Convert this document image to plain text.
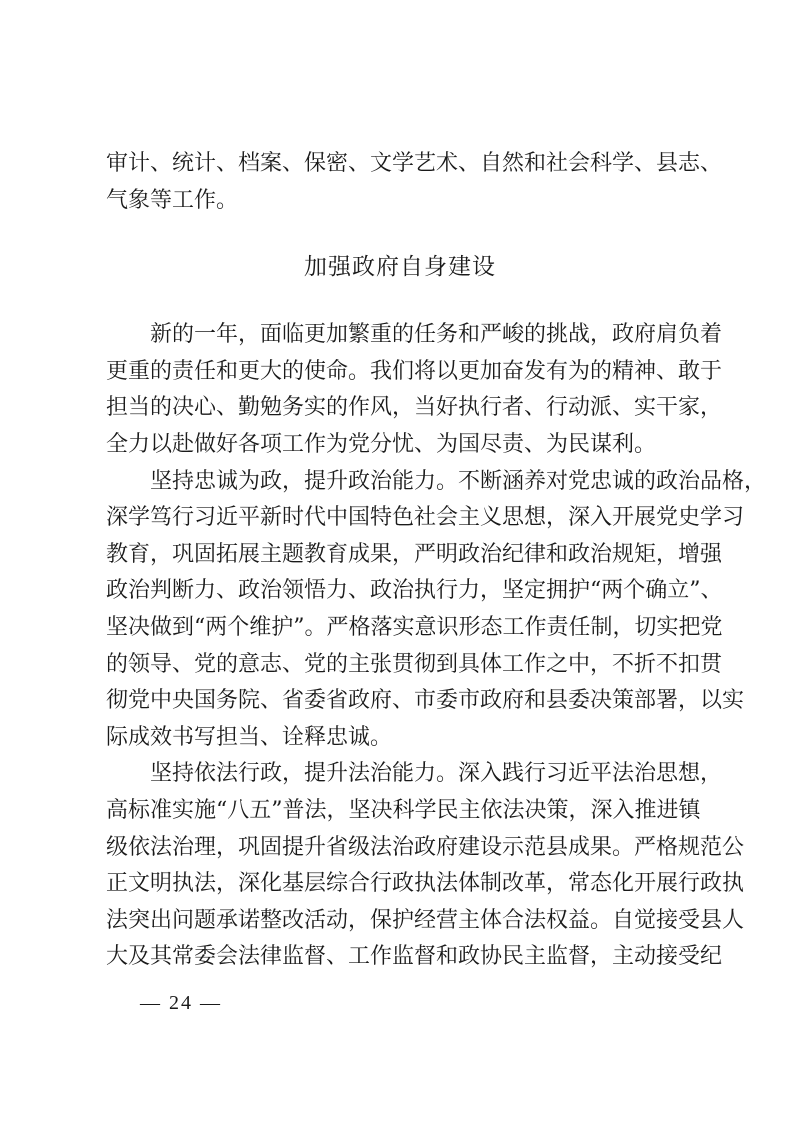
审计、统计、档案、保密、文学艺术、自然和社会科学、县志、
气象等工作。
加强政府自身建设
新的一年，面临更加繁重的任务和严峻的挑战，政府肩负着
更重的责任和更大的使命。我们将以更加奋发有为的精神、敢于
担当的决心、勤勉务实的作风，当好执行者、行动派、实干家，
全力以赴做好各项工作为党分忧、为国尽责、为民谋利。
坚持忠诚为政，提升政治能力。不断涵养对党忠诚的政治品格，
深学笃行习近平新时代中国特色社会主义思想，深入开展党史学习
教育，巩固拓展主题教育成果，严明政治纪律和政治规矩，增强
政治判断力、政治领悟力、政治执行力，坚定拥护“两个确立”、
坚决做到“两个维护”。严格落实意识形态工作责任制，切实把党
的领导、党的意志、党的主张贯彻到具体工作之中，不折不扣贯
彻党中央国务院、省委省政府、市委市政府和县委决策部署，以实
际成效书写担当、诠释忠诚。
坚持依法行政，提升法治能力。深入践行习近平法治思想，
高标准实施“八五”普法，坚决科学民主依法决策，深入推进镇
级依法治理，巩固提升省级法治政府建设示范县成果。严格规范公
正文明执法，深化基层综合行政执法体制改革，常态化开展行政执
法突出问题承诺整改活动，保护经营主体合法权益。自觉接受县人
大及其常委会法律监督、工作监督和政协民主监督，主动接受纪
— 24 —
